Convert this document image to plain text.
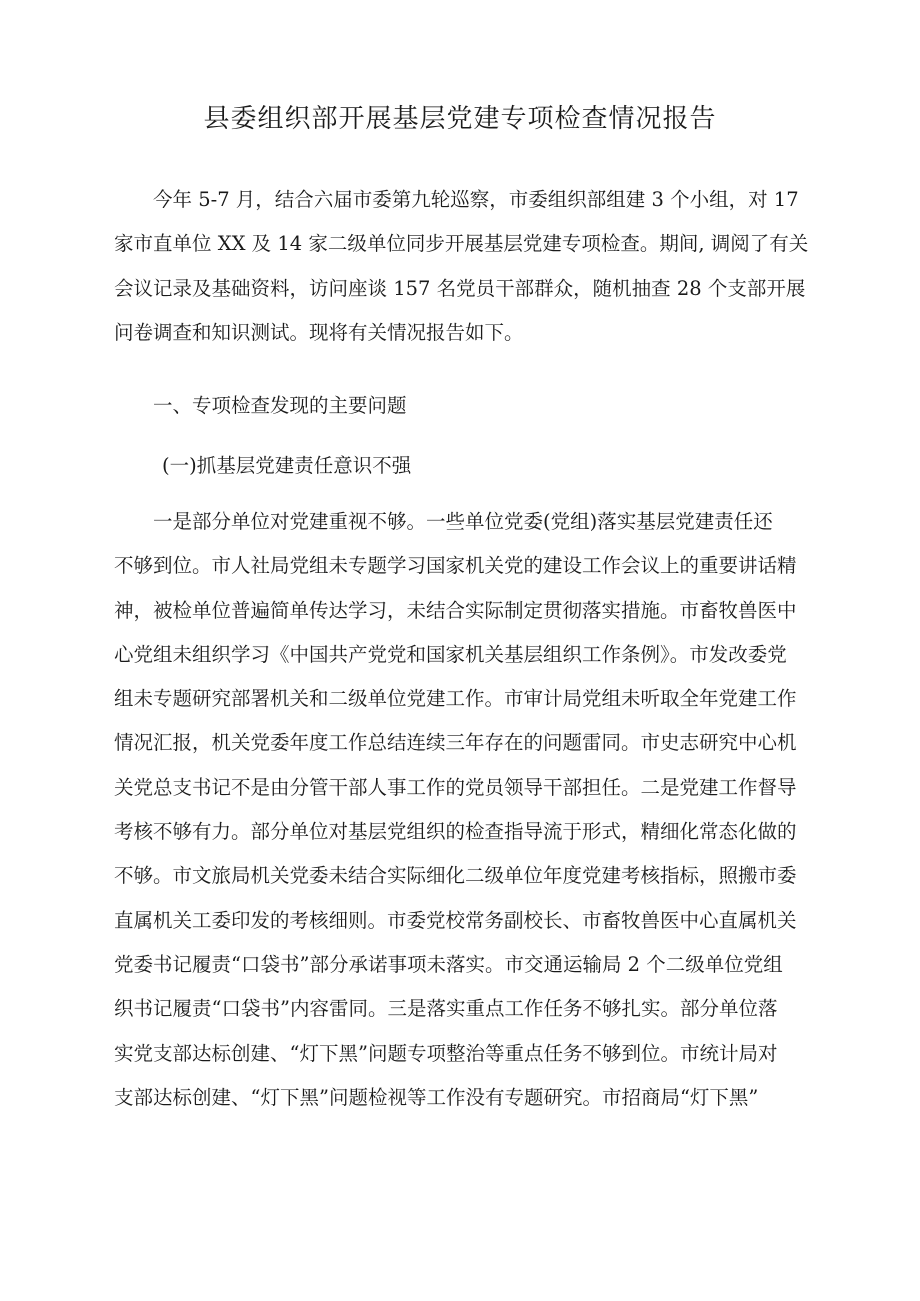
县委组织部开展基层党建专项检查情况报告

今年 5-7 月，结合六届市委第九轮巡察，市委组织部组建 3 个小组，对 17
家市直单位 XX 及 14 家二级单位同步开展基层党建专项检查。期间, 调阅了有关
会议记录及基础资料，访问座谈 157 名党员干部群众，随机抽查 28 个支部开展
问卷调查和知识测试。现将有关情况报告如下。

一、专项检查发现的主要问题
(一)抓基层党建责任意识不强

一是部分单位对党建重视不够。一些单位党委(党组)落实基层党建责任还
不够到位。市人社局党组未专题学习国家机关党的建设工作会议上的重要讲话精
神，被检单位普遍简单传达学习，未结合实际制定贯彻落实措施。市畜牧兽医中
心党组未组织学习《中国共产党党和国家机关基层组织工作条例》。市发改委党
组未专题研究部署机关和二级单位党建工作。市审计局党组未听取全年党建工作
情况汇报，机关党委年度工作总结连续三年存在的问题雷同。市史志研究中心机
关党总支书记不是由分管干部人事工作的党员领导干部担任。二是党建工作督导
考核不够有力。部分单位对基层党组织的检查指导流于形式，精细化常态化做的
不够。市文旅局机关党委未结合实际细化二级单位年度党建考核指标，照搬市委
直属机关工委印发的考核细则。市委党校常务副校长、市畜牧兽医中心直属机关
党委书记履责“口袋书”部分承诺事项未落实。市交通运输局 2 个二级单位党组
织书记履责“口袋书”内容雷同。三是落实重点工作任务不够扎实。部分单位落
实党支部达标创建、“灯下黑”问题专项整治等重点任务不够到位。市统计局对
支部达标创建、“灯下黑”问题检视等工作没有专题研究。市招商局“灯下黑”
